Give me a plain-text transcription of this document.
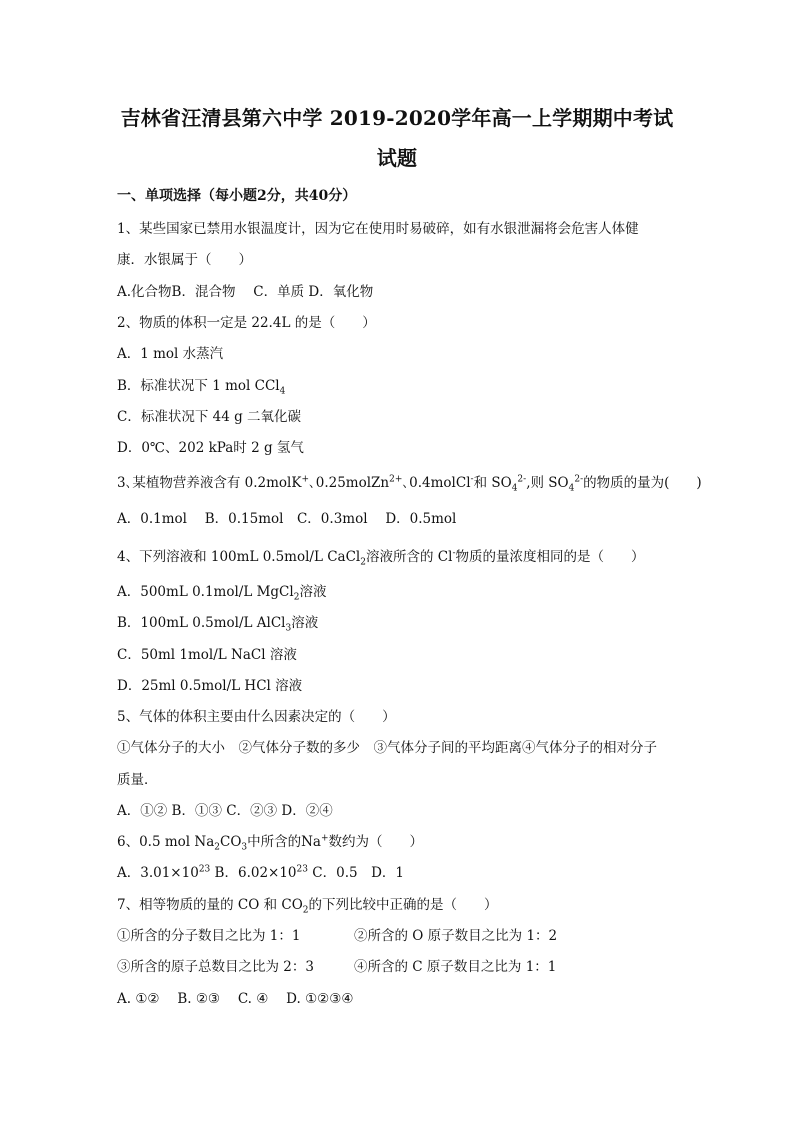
吉林省汪清县第六中学 2019-2020学年高一上学期期中考试
试题
一、单项选择（每小题2分，共40分）
1、某些国家已禁用水银温度计，因为它在使用时易破碎，如有水银泄漏将会危害人体健
康．水银属于（　　）
A.化合物B．混合物　 C．单质 D．氧化物
2、物质的体积一定是 22.4L 的是（　　）
A．1 mol 水蒸汽
B．标准状况下 1 mol CCl$_4$
C．标准状况下 44 g 二氧化碳
D．0℃、202 kPa时 2 g 氢气
3､某植物营养液含有 0.2molK+､0.25molZn$^{2+}$､0.4molCl-和 $SO_4^{2-}$,则 $SO_4^{2-}$的物质的量为(　　)
A．0.1mol　 B．0.15mol　C．0.3mol　 D．0.5mol
4、下列溶液和 100mL 0.5mol/L CaCl$_2$溶液所含的 Cl-物质的量浓度相同的是（　　）
A．500mL 0.1mol/L MgCl$_2$溶液
B．100mL 0.5mol/L AlCl$_3$溶液
C．50ml 1mol/L NaCl 溶液
D．25ml 0.5mol/L HCl 溶液
5、气体的体积主要由什么因素决定的（　　）
①气体分子的大小　②气体分子数的多少　③气体分子间的平均距离④气体分子的相对分子
质量．
A．①② B．①③ C．②③ D．②④
6、0.5 mol $Na_2CO_3$中所含的Na+数约为（　　）
A．$3.01\times 10^{23}$ B．$6.02\times 10^{23}$ C．0.5　D．1
7、相等物质的量的 CO 和 $CO_2$的下列比较中正确的是（　　）
①所含的分子数目之比为 1：1	②所含的 O 原子数目之比为 1：2
③所含的原子总数目之比为 2：3	④所含的 C 原子数目之比为 1：1
A. ①②　 B. ②③　 C. ④　 D. ①②③④
